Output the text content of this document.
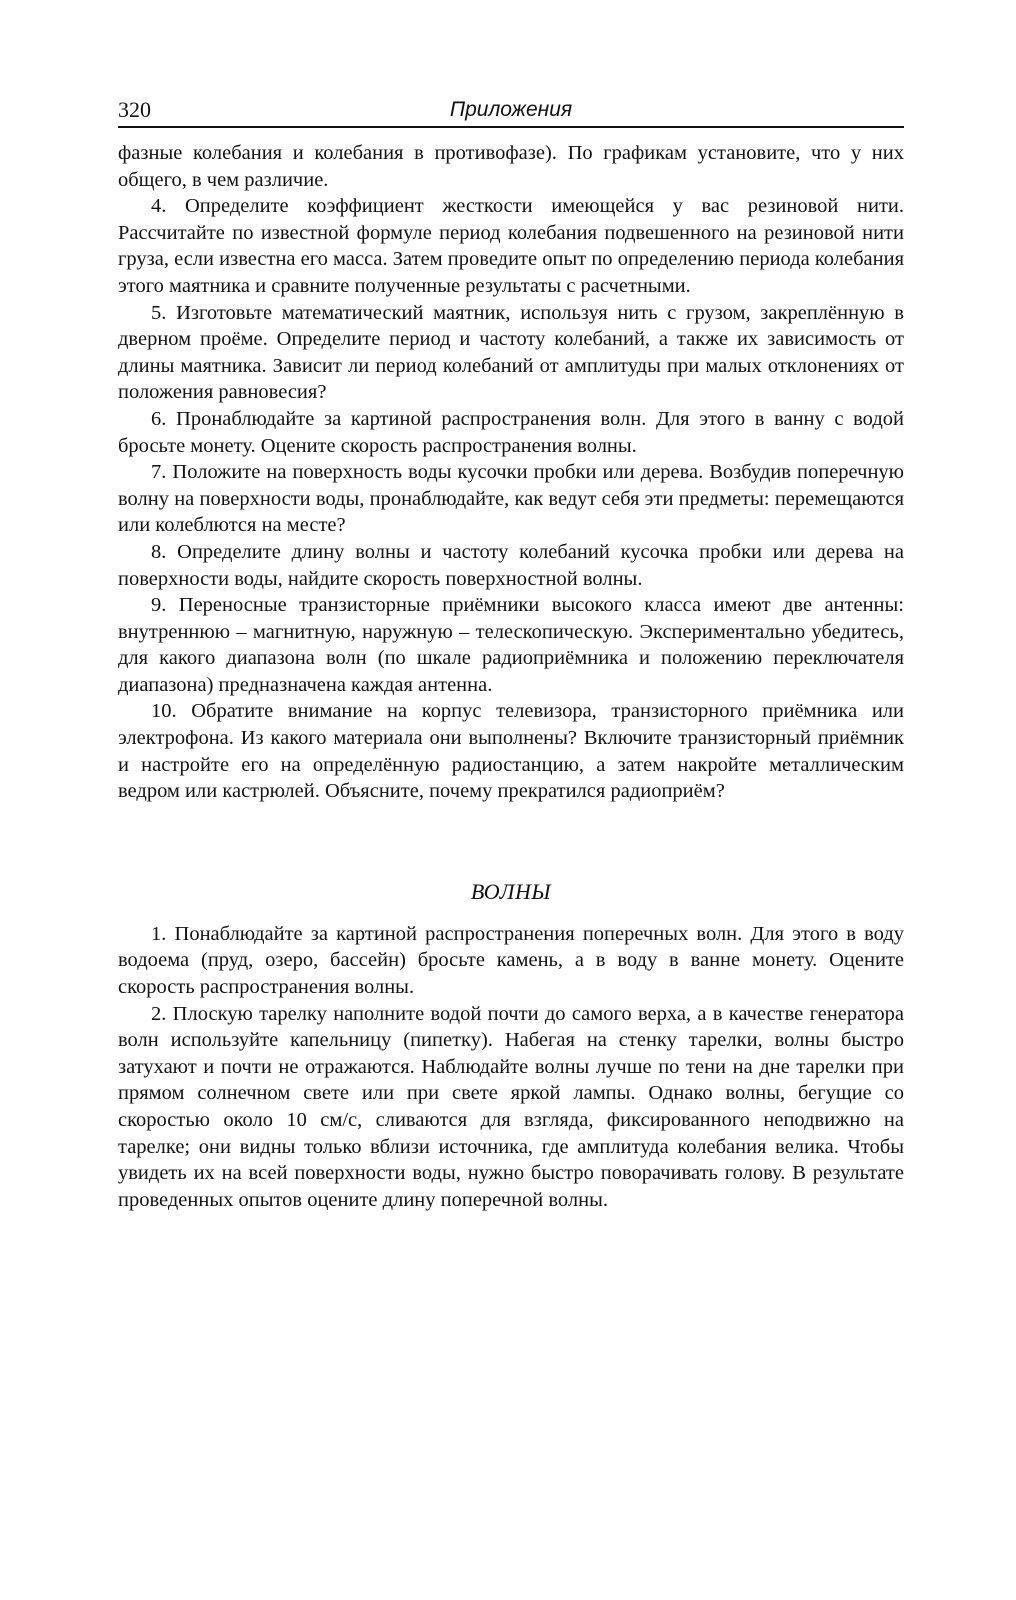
320	Приложения

фазные колебания и колебания в противофазе). По графикам установите, что у них общего, в чем различие.

4. Определите коэффициент жесткости имеющейся у вас резиновой нити. Рассчитайте по известной формуле период колебания подвешенного на резиновой нити груза, если известна его масса. Затем проведите опыт по определению периода колебания этого маятника и сравните полученные результаты с расчетными.

5. Изготовьте математический маятник, используя нить с грузом, закреплённую в дверном проёме. Определите период и частоту колебаний, а также их зависимость от длины маятника. Зависит ли период колебаний от амплитуды при малых отклонениях от положения равновесия?

6. Пронаблюдайте за картиной распространения волн. Для этого в ванну с водой бросьте монету. Оцените скорость распространения волны.

7. Положите на поверхность воды кусочки пробки или дерева. Возбудив поперечную волну на поверхности воды, пронаблюдайте, как ведут себя эти предметы: перемещаются или колеблются на месте?

8. Определите длину волны и частоту колебаний кусочка пробки или дерева на поверхности воды, найдите скорость поверхностной волны.

9. Переносные транзисторные приёмники высокого класса имеют две антенны: внутреннюю – магнитную, наружную – телескопическую. Экспериментально убедитесь, для какого диапазона волн (по шкале радиоприёмника и положению переключателя диапазона) предназначена каждая антенна.

10. Обратите внимание на корпус телевизора, транзисторного приёмника или электрофона. Из какого материала они выполнены? Включите транзисторный приёмник и настройте его на определённую радиостанцию, а затем накройте металлическим ведром или кастрюлей. Объясните, почему прекратился радиоприём?

ВОЛНЫ

1. Понаблюдайте за картиной распространения поперечных волн. Для этого в воду водоема (пруд, озеро, бассейн) бросьте камень, а в воду в ванне монету. Оцените скорость распространения волны.

2. Плоскую тарелку наполните водой почти до самого верха, а в качестве генератора волн используйте капельницу (пипетку). Набегая на стенку тарелки, волны быстро затухают и почти не отражаются. Наблюдайте волны лучше по тени на дне тарелки при прямом солнечном свете или при свете яркой лампы. Однако волны, бегущие со скоростью около 10 см/с, сливаются для взгляда, фиксированного неподвижно на тарелке; они видны только вблизи источника, где амплитуда колебания велика. Чтобы увидеть их на всей поверхности воды, нужно быстро поворачивать голову. В результате проведенных опытов оцените длину поперечной волны.
